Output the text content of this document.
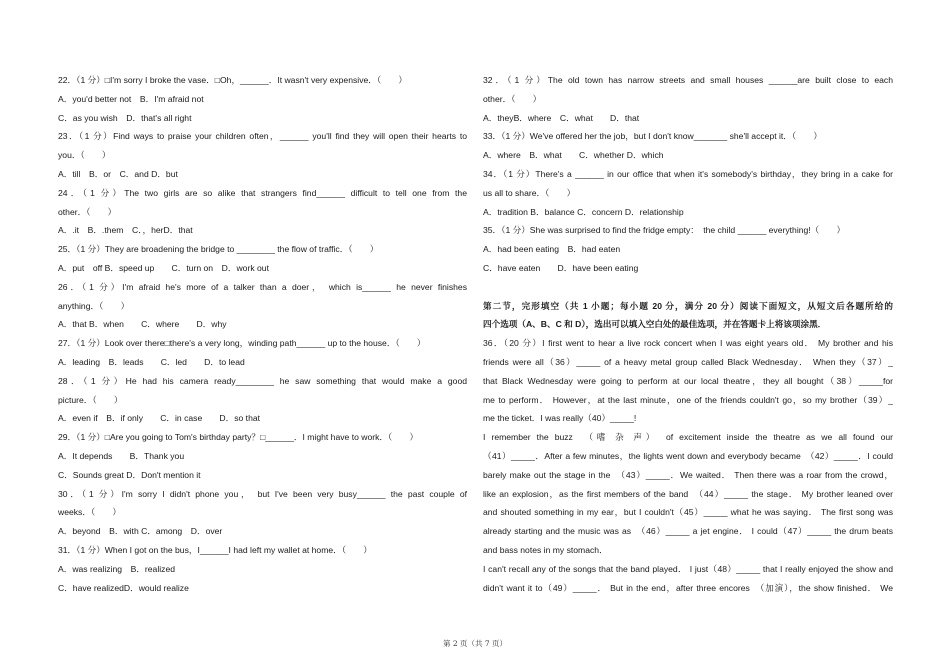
22．（1 分）□I'm sorry I broke the vase．□Oh，______．It wasn't very expensive．（　　）
A．you'd better not　B．I'm afraid not
C．as you wish　D．that's all right
23．（1 分）Find ways to praise your children often，______ you'll find they will open their hearts to
you．（　　）
A．till　B．or　C．and D．but
24．（1 分）The two girls are so alike that strangers find______ difficult to tell one from the
other．（　　）
A．.it　B．.them　C．，herD．that
25．（1 分）They are broadening the bridge to ________ the flow of traffic．（　　）
A．put　off B．speed up　　C．turn on　D．work out
26．（1 分）I'm afraid he's more of a talker than a doer， which is______ he never finishes
anything．（　　）
A．that B．when　　C．where　　D．why
27．（1 分）Look over there□there's a very long，winding path______ up to the house．（　　）
A．leading　B．leads　　C．led　　D．to lead
28．（1 分）He had his camera ready________ he saw something that would make a good
picture．（　　）
A．even if　B．if only　　C．in case　　D．so that
29．（1 分）□Are you going to Tom's birthday party？□______．I might have to work．（　　）
A．It depends　　B．Thank you
C．Sounds great D．Don't mention it
30．（1 分）I'm sorry I didn't phone you， but I've been very busy______ the past couple of
weeks．（　　）
A．beyond　B．with C．among　D．over
31．（1 分）When I got on the bus，I______I had left my wallet at home．（　　）
A．was realizing　B．realized
C．have realizedD．would realize
32．（1 分）The old town has narrow streets and small houses ______are built close to each
other．（　　）
A．theyB．where　C．what　　D．that
33．（1 分）We've offered her the job，but I don't know_______ she'll accept it．（　　）
A．where　B．what　　C．whether D．which
34．（1 分）There's a ______ in our office that when it's somebody's birthday，they bring in a cake for
us all to share．（　　）
A．tradition B．balance C．concern D．relationship
35．（1 分）She was surprised to find the fridge empty：　the child ______ everything!（　　）
A．had been eating　B．had eaten
C．have eaten　　D．have been eating
第二节，完形填空（共 1 小题；每小题 20 分，满分 20 分）阅读下面短文，从短文后各题所给的
四个选项（A、B、C 和 D），选出可以填入空白处的最佳选项，并在答题卡上将该项涂黑．
36．（20 分）I first went to hear a live rock concert when I was eight years old． My brother and his
friends were all（36）_____ of a heavy metal group called Black Wednesday． When they（37）_
that Black Wednesday were going to perform at our local theatre，they all bought（38）_____for
me to perform． However，at the last minute，one of the friends couldn't go，so my brother（39）_
me the ticket．I was really（40）_____!
I remember the buzz　（嗜 杂 声）　of excitement inside the theatre as we all found our
（41）_____．After a few minutes，the lights went down and everybody became　（42）_____．I could
barely make out the stage in the　（43）_____．We waited． Then there was a roar from the crowd，
like an explosion，as the first members of the band　（44）_____ the stage． My brother leaned over
and shouted something in my ear，but I couldn't（45）_____ what he was saying． The first song was
already starting and the music was as　（46）_____ a jet engine． I could（47）_____ the drum beats
and bass notes in my stomach．
I can't recall any of the songs that the band played． I just（48）_____ that I really enjoyed the show and
didn't want it to（49）_____． But in the end，after three encores　（加演），the show finished． We
第 2 页（共 7 页）
